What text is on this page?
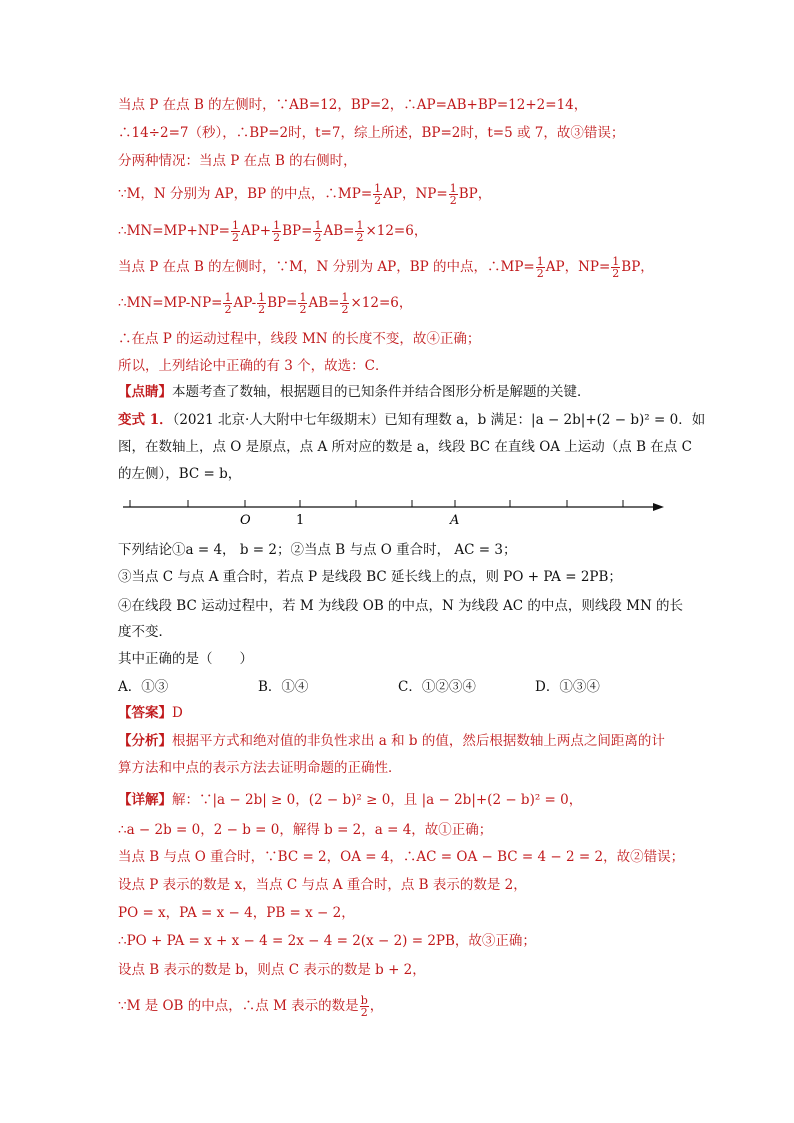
当点 P 在点 B 的左侧时，∵AB=12，BP=2，∴AP=AB+BP=12+2=14，
∴14÷2=7（秒），∴BP=2时，t=7，综上所述，BP=2时，t=5 或 7，故③错误；
分两种情况：当点 P 在点 B 的右侧时，
∵M，N 分别为 AP，BP 的中点，∴MP= $\frac{1}{2}$ AP，$NP= \frac{1}{2}$ BP，
∴MN=MP+NP= $\frac{1}{2} AP+ \frac{1}{2} BP= \frac{1}{2} AB= \frac{1}{2} \times 12=6$，
当点 P 在点 B 的左侧时，∵M，N 分别为 AP，BP 的中点，∴MP= $\frac{1}{2}$ AP，$NP= \frac{1}{2}$ BP，
∴MN=MP-NP= $\frac{1}{2} AP- \frac{1}{2} BP= \frac{1}{2} AB= \frac{1}{2} \times 12=6$，
∴在点 P 的运动过程中，线段 MN 的长度不变，故④正确；
所以，上列结论中正确的有 3 个，故选：C．
【点睛】本题考查了数轴，根据题目的已知条件并结合图形分析是解题的关键．
变式 1．（2021 北京·人大附中七年级期末）已知有理数 a，b 满足：|a − 2b|+(2 − b)² = 0．如
图，在数轴上，点 O 是原点，点 A 所对应的数是 a，线段 BC 在直线 OA 上运动（点 B 在点 C
的左侧），BC = b，
O	1	A
下列结论①a = 4， b = 2；②当点 B 与点 O 重合时， AC = 3；
③当点 C 与点 A 重合时，若点 P 是线段 BC 延长线上的点，则 PO + PA = 2PB；
④在线段 BC 运动过程中，若 M 为线段 OB 的中点，N 为线段 AC 的中点，则线段 MN 的长
度不变．
其中正确的是（　　）
A．①③	B．①④	C．①②③④	D．①③④
【答案】D
【分析】根据平方式和绝对值的非负性求出 a 和 b 的值，然后根据数轴上两点之间距离的计
算方法和中点的表示方法去证明命题的正确性．
【详解】解：∵|a − 2b| ≥ 0，(2 − b)² ≥ 0，且 |a − 2b|+(2 − b)² = 0，
∴a − 2b = 0，2 − b = 0，解得 b = 2，a = 4，故①正确；
当点 B 与点 O 重合时，∵BC = 2，OA = 4，∴AC = OA − BC = 4 − 2 = 2，故②错误；
设点 P 表示的数是 x，当点 C 与点 A 重合时，点 B 表示的数是 2，
PO = x，PA = x − 4，PB = x − 2，
∴PO + PA = x + x − 4 = 2x − 4 = 2(x − 2) = 2PB，故③正确；
设点 B 表示的数是 b，则点 C 表示的数是 b + 2，
∵M 是 OB 的中点，∴点 M 表示的数是 $\frac{b}{2}$ ，
